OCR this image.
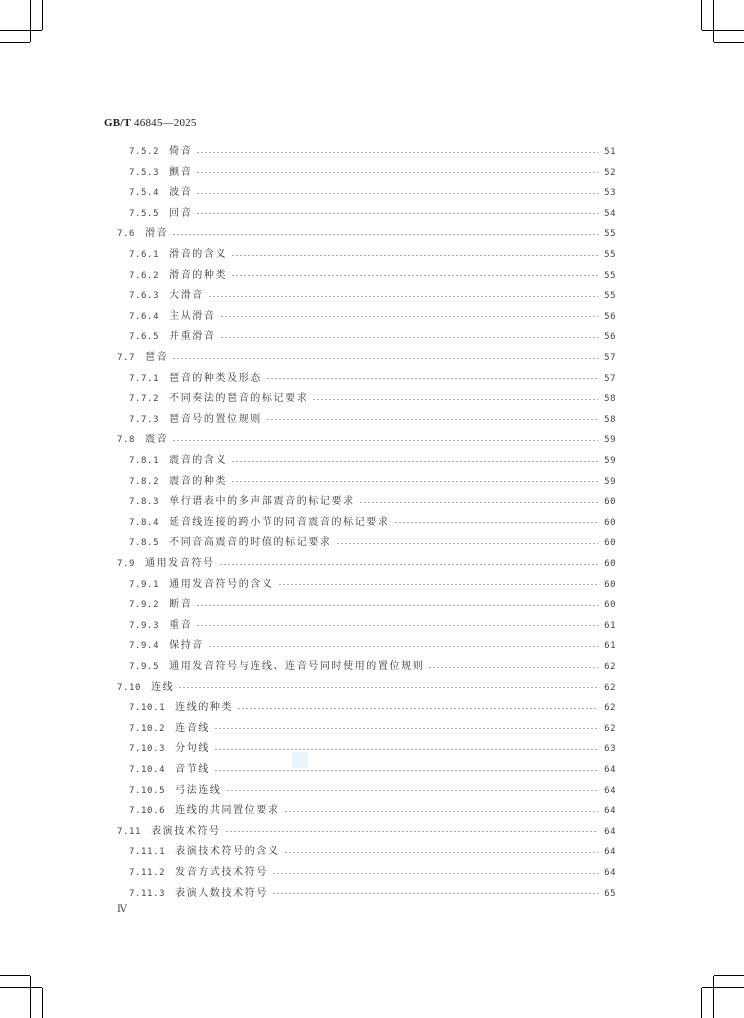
GB/T 46845—2025
7.5.2 倚音	51
7.5.3 颤音	52
7.5.4 波音	53
7.5.5 回音	54
7.6 滑音	55
7.6.1 滑音的含义	55
7.6.2 滑音的种类	55
7.6.3 大滑音	55
7.6.4 主从滑音	56
7.6.5 并重滑音	56
7.7 琶音	57
7.7.1 琶音的种类及形态	57
7.7.2 不同奏法的琶音的标记要求	58
7.7.3 琶音号的置位规则	58
7.8 震音	59
7.8.1 震音的含义	59
7.8.2 震音的种类	59
7.8.3 单行谱表中的多声部震音的标记要求	60
7.8.4 延音线连接的跨小节的同音震音的标记要求	60
7.8.5 不同音高震音的时值的标记要求	60
7.9 通用发音符号	60
7.9.1 通用发音符号的含义	60
7.9.2 断音	60
7.9.3 重音	61
7.9.4 保持音	61
7.9.5 通用发音符号与连线、连音号同时使用的置位规则	62
7.10 连线	62
7.10.1 连线的种类	62
7.10.2 连音线	62
7.10.3 分句线	63
7.10.4 音节线	64
7.10.5 弓法连线	64
7.10.6 连线的共同置位要求	64
7.11 表演技术符号	64
7.11.1 表演技术符号的含义	64
7.11.2 发音方式技术符号	64
7.11.3 表演人数技术符号	65
Ⅳ
